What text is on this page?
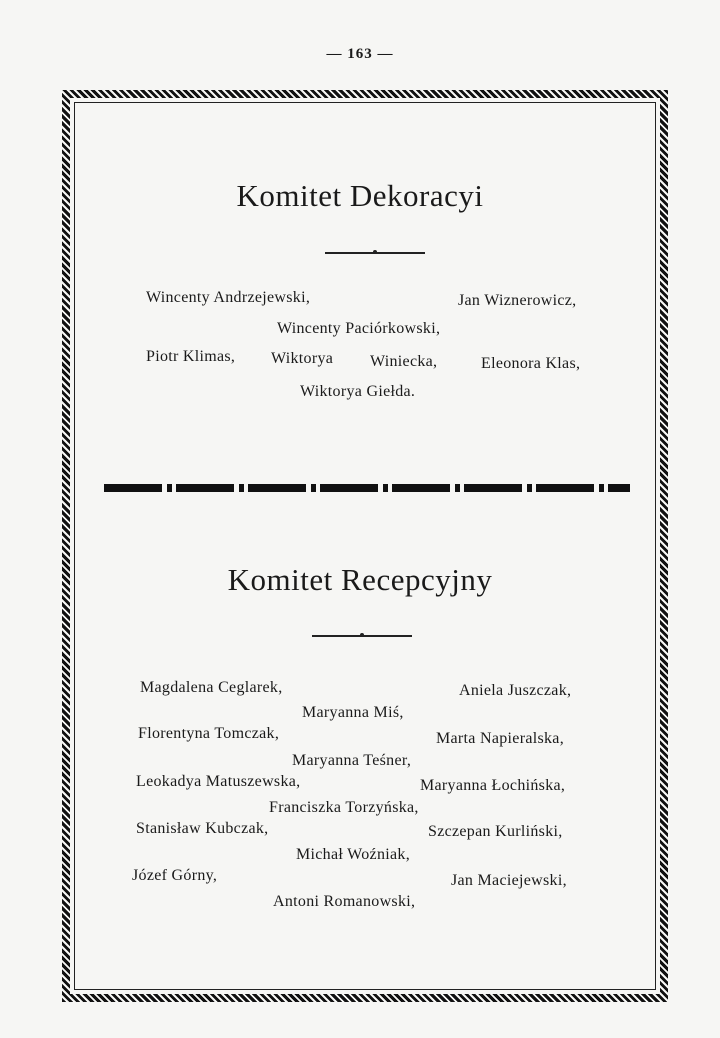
— 163 —
Komitet Dekoracyi
Wincenty Andrzejewski,	Jan Wiznerowicz,
Wincenty Paciórkowski,
Piotr Klimas, Wiktorya Winiecka,	Eleonora Klas,
Wiktorya Giełda.
Komitet Recepcyjny
Magdalena Ceglarek,	Aniela Juszczak,
Maryanna Miś,
Florentyna Tomczak,	Marta Napieralska,
Maryanna Teśner,
Leokadya Matuszewska,	Maryanna Łochińska,
Franciszka Torzyńska,
Stanisław Kubczak,	Szczepan Kurliński,
Michał Woźniak,
Józef Górny,	Jan Maciejewski,
Antoni Romanowski,
